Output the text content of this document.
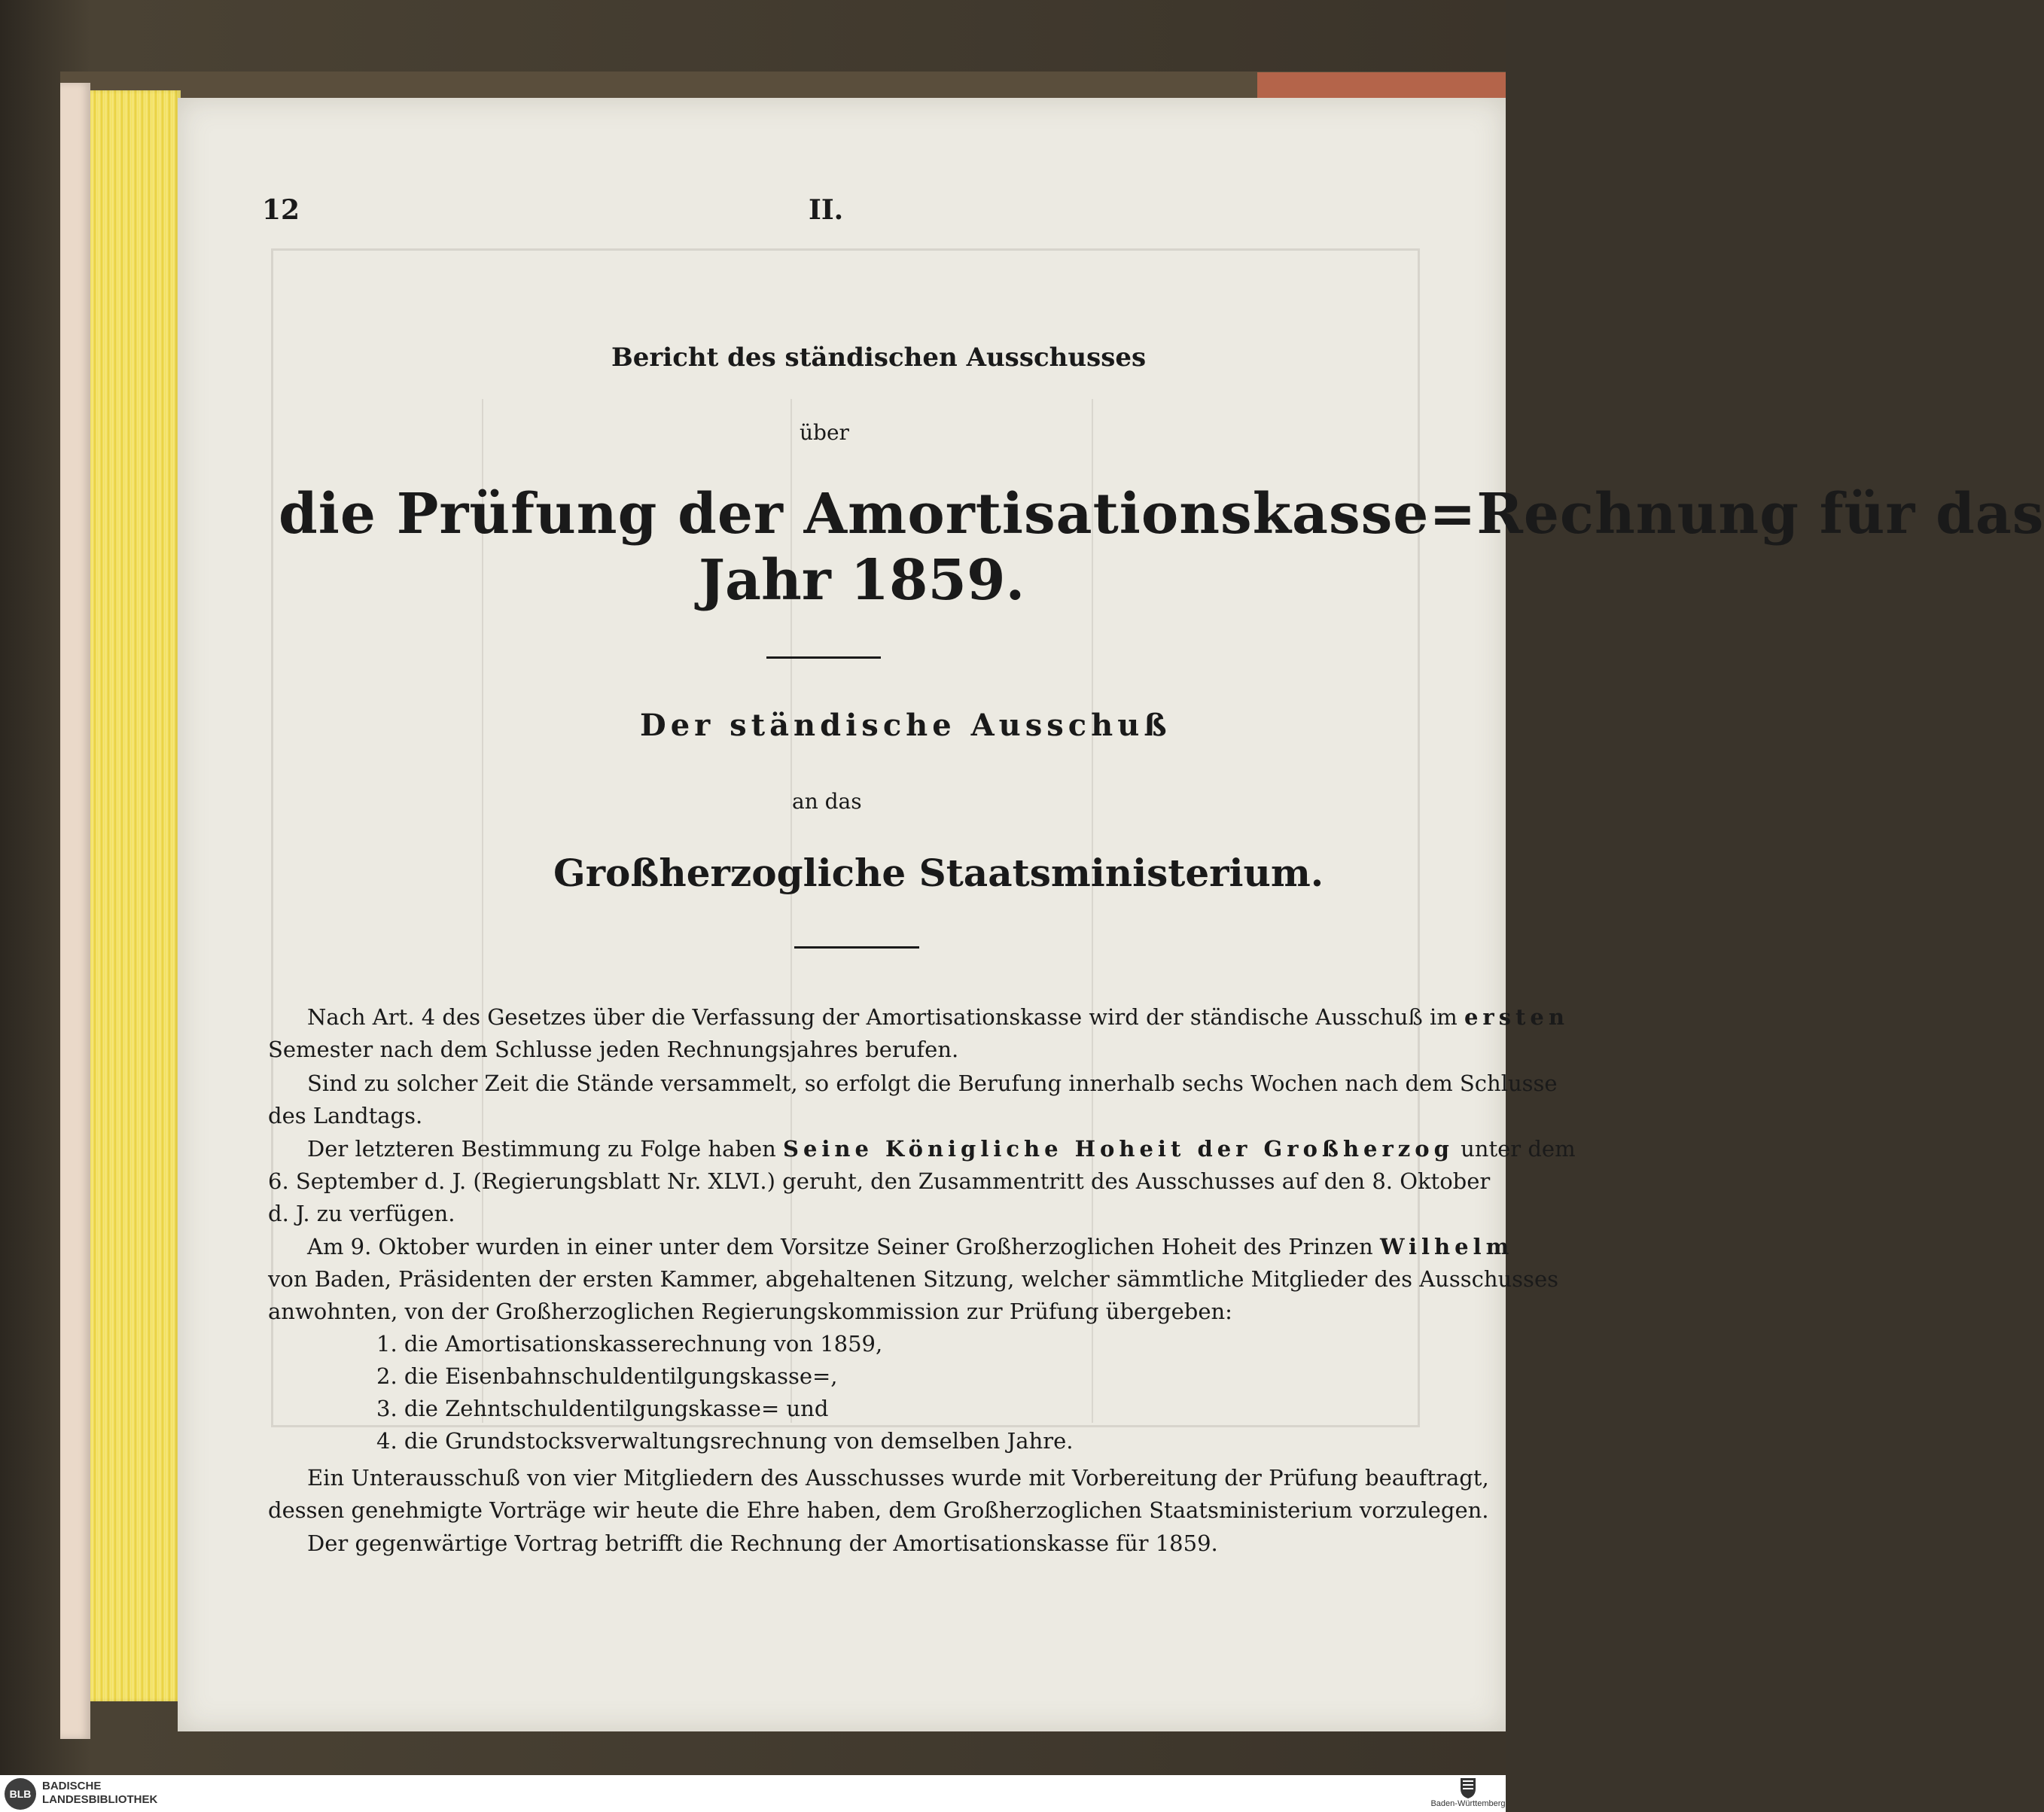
12	II.
Bericht des ständischen Ausschusses
über
die Prüfung der Amortisationskasse=Rechnung für das
Jahr 1859.
Der ständische Ausschuß
an das
Großherzogliche Staatsministerium.
Nach Art. 4 des Gesetzes über die Verfassung der Amortisationskasse wird der ständische Ausschuß im ersten
Semester nach dem Schlusse jeden Rechnungsjahres berufen.
Sind zu solcher Zeit die Stände versammelt, so erfolgt die Berufung innerhalb sechs Wochen nach dem Schlusse
des Landtags.
Der letzteren Bestimmung zu Folge haben Seine Königliche Hoheit der Großherzog unter dem
6. September d. J. (Regierungsblatt Nr. XLVI.) geruht, den Zusammentritt des Ausschusses auf den 8. Oktober
d. J. zu verfügen.
Am 9. Oktober wurden in einer unter dem Vorsitze Seiner Großherzoglichen Hoheit des Prinzen Wilhelm
von Baden, Präsidenten der ersten Kammer, abgehaltenen Sitzung, welcher sämmtliche Mitglieder des Ausschusses
anwohnten, von der Großherzoglichen Regierungskommission zur Prüfung übergeben:
1. die Amortisationskasserechnung von 1859,
2. die Eisenbahnschuldentilgungskasse=,
3. die Zehntschuldentilgungskasse= und
4. die Grundstocksverwaltungsrechnung von demselben Jahre.
Ein Unterausschuß von vier Mitgliedern des Ausschusses wurde mit Vorbereitung der Prüfung beauftragt,
dessen genehmigte Vorträge wir heute die Ehre haben, dem Großherzoglichen Staatsministerium vorzulegen.
Der gegenwärtige Vortrag betrifft die Rechnung der Amortisationskasse für 1859.
BLB
BADISCHE
LANDESBIBLIOTHEK	Baden-Württemberg
